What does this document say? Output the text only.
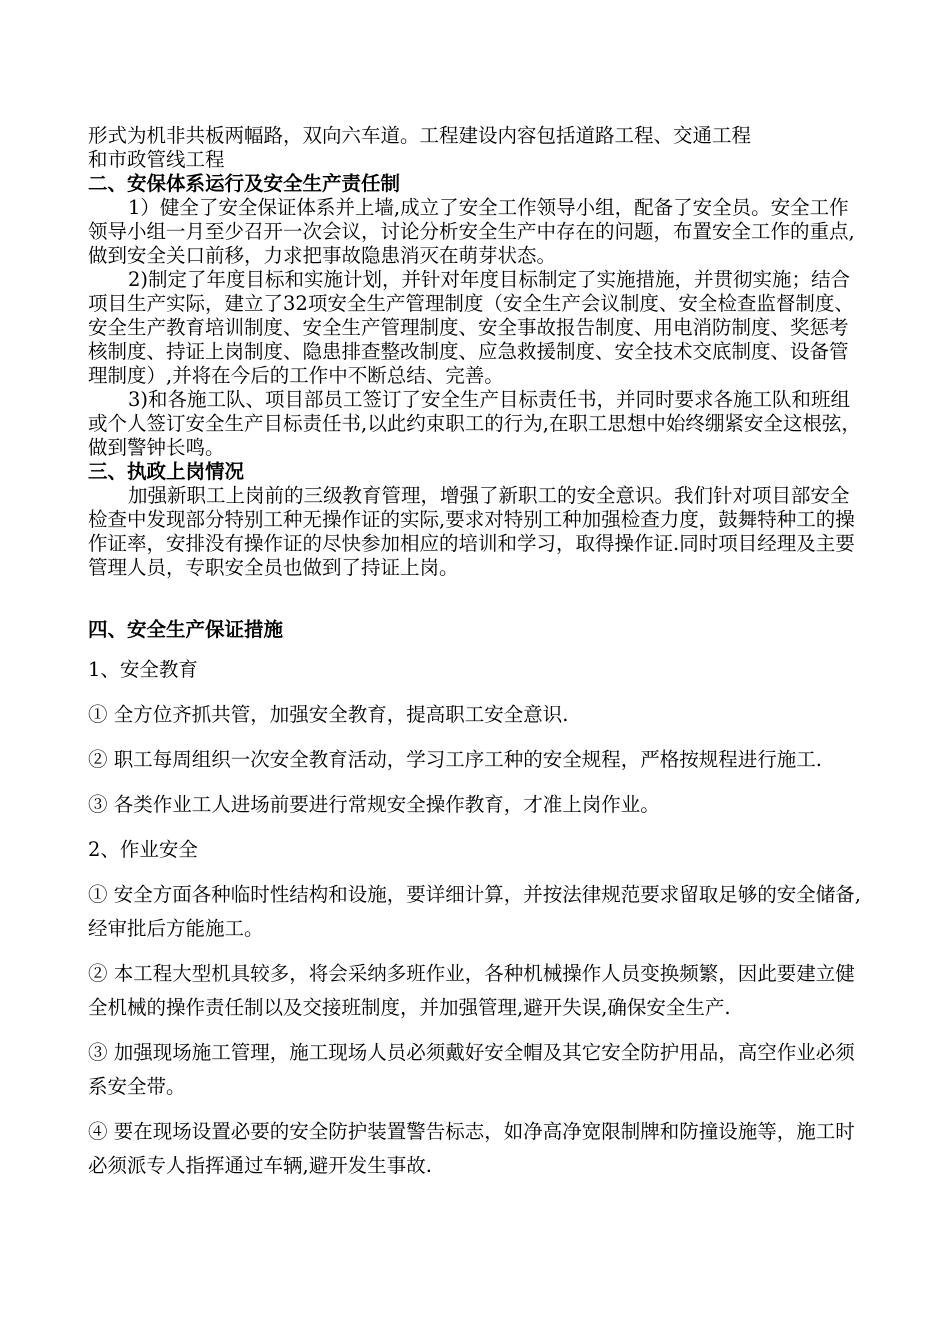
形式为机非共板两幅路，双向六车道。工程建设内容包括道路工程、交通工程

和市政管线工程

二、安保体系运行及安全生产责任制

1）健全了安全保证体系并上墙,成立了安全工作领导小组，配备了安全员。安全工作领导小组一月至少召开一次会议，讨论分析安全生产中存在的问题，布置安全工作的重点,做到安全关口前移，力求把事故隐患消灭在萌芽状态。

2)制定了年度目标和实施计划，并针对年度目标制定了实施措施，并贯彻实施；结合项目生产实际，建立了32项安全生产管理制度（安全生产会议制度、安全检查监督制度、安全生产教育培训制度、安全生产管理制度、安全事故报告制度、用电消防制度、奖惩考核制度、持证上岗制度、隐患排查整改制度、应急救援制度、安全技术交底制度、设备管理制度）,并将在今后的工作中不断总结、完善。

3)和各施工队、项目部员工签订了安全生产目标责任书，并同时要求各施工队和班组或个人签订安全生产目标责任书,以此约束职工的行为,在职工思想中始终绷紧安全这根弦，做到警钟长鸣。

三、执政上岗情况

加强新职工上岗前的三级教育管理，增强了新职工的安全意识。我们针对项目部安全检查中发现部分特别工种无操作证的实际,要求对特别工种加强检查力度，鼓舞特种工的操作证率，安排没有操作证的尽快参加相应的培训和学习，取得操作证.同时项目经理及主要管理人员，专职安全员也做到了持证上岗。

四、安全生产保证措施

1、安全教育

① 全方位齐抓共管，加强安全教育，提高职工安全意识.

② 职工每周组织一次安全教育活动，学习工序工种的安全规程，严格按规程进行施工.

③ 各类作业工人进场前要进行常规安全操作教育，才准上岗作业。

2、作业安全

① 安全方面各种临时性结构和设施，要详细计算，并按法律规范要求留取足够的安全储备,经审批后方能施工。

② 本工程大型机具较多，将会采纳多班作业，各种机械操作人员变换频繁，因此要建立健全机械的操作责任制以及交接班制度，并加强管理,避开失误,确保安全生产.

③ 加强现场施工管理，施工现场人员必须戴好安全帽及其它安全防护用品，高空作业必须系安全带。

④ 要在现场设置必要的安全防护装置警告标志，如净高净宽限制牌和防撞设施等，施工时必须派专人指挥通过车辆,避开发生事故.
